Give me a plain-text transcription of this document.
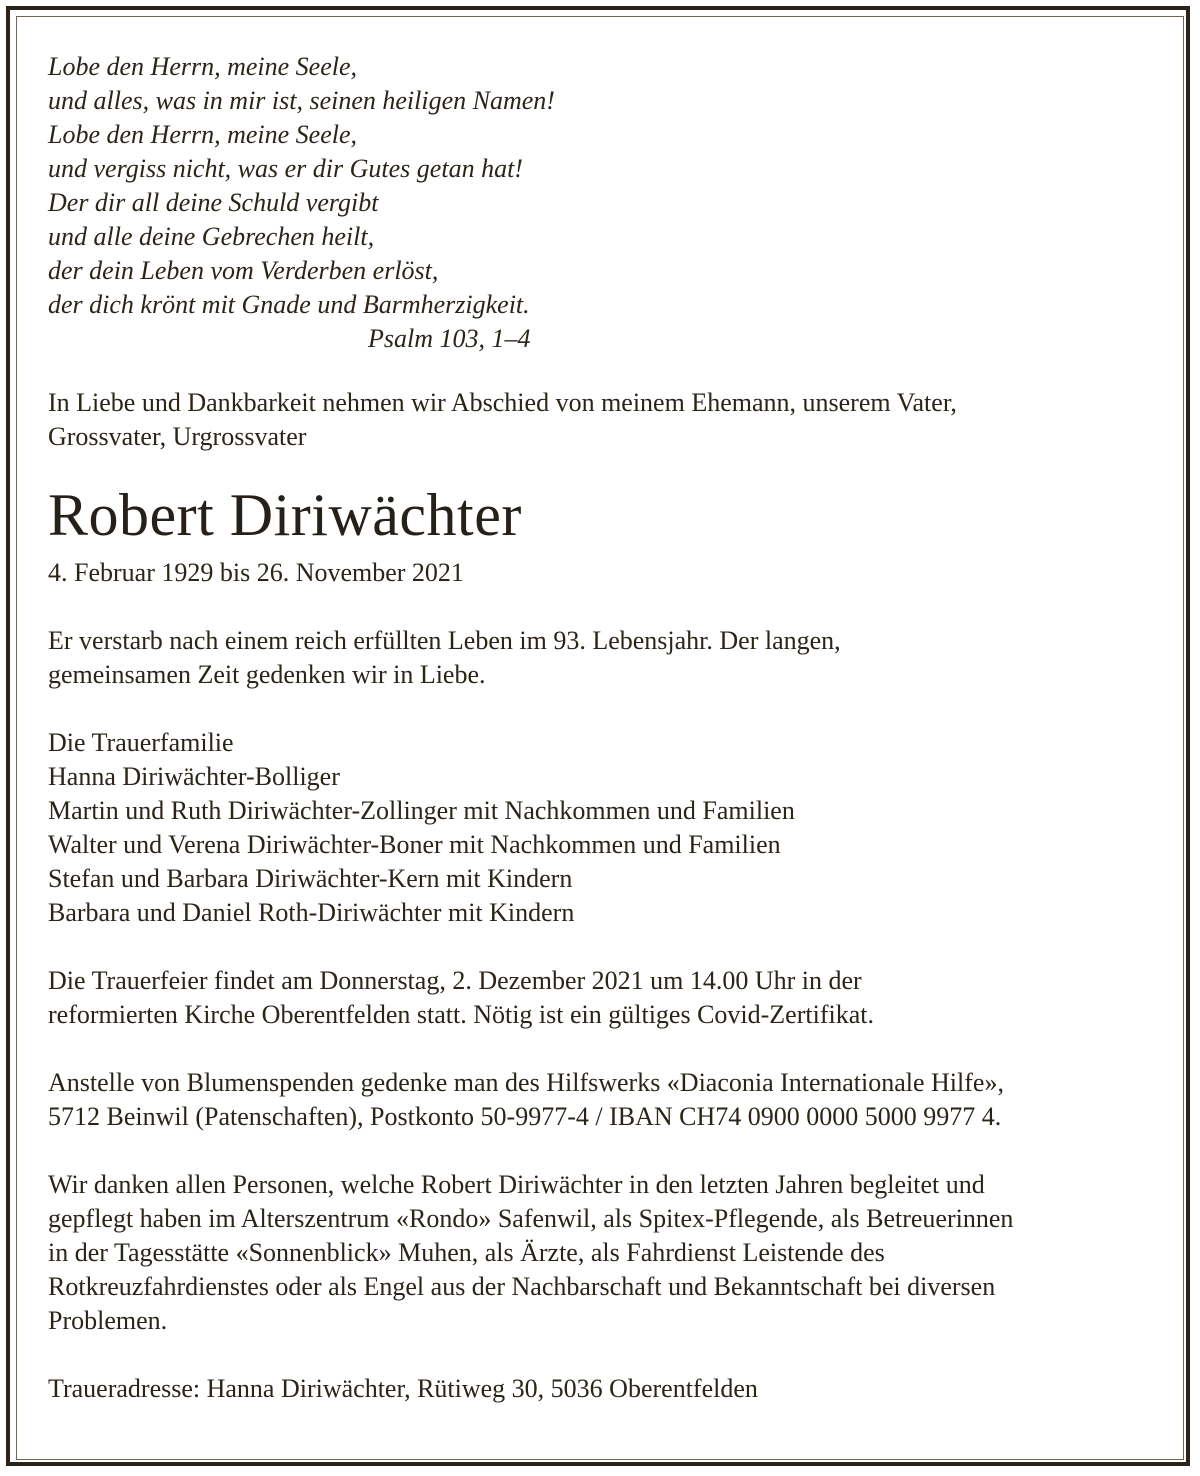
Lobe den Herrn, meine Seele,
und alles, was in mir ist, seinen heiligen Namen!
Lobe den Herrn, meine Seele,
und vergiss nicht, was er dir Gutes getan hat!
Der dir all deine Schuld vergibt
und alle deine Gebrechen heilt,
der dein Leben vom Verderben erlöst,
der dich krönt mit Gnade und Barmherzigkeit.
Psalm 103, 1–4

In Liebe und Dankbarkeit nehmen wir Abschied von meinem Ehemann, unserem Vater,
Grossvater, Urgrossvater

Robert Diriwächter

4. Februar 1929 bis 26. November 2021

Er verstarb nach einem reich erfüllten Leben im 93. Lebensjahr. Der langen,
gemeinsamen Zeit gedenken wir in Liebe.

Die Trauerfamilie
Hanna Diriwächter-Bolliger
Martin und Ruth Diriwächter-Zollinger mit Nachkommen und Familien
Walter und Verena Diriwächter-Boner mit Nachkommen und Familien
Stefan und Barbara Diriwächter-Kern mit Kindern
Barbara und Daniel Roth-Diriwächter mit Kindern

Die Trauerfeier findet am Donnerstag, 2. Dezember 2021 um 14.00 Uhr in der
reformierten Kirche Oberentfelden statt. Nötig ist ein gültiges Covid-Zertifikat.

Anstelle von Blumenspenden gedenke man des Hilfswerks «Diaconia Internationale Hilfe»,
5712 Beinwil (Patenschaften), Postkonto 50-9977-4 / IBAN CH74 0900 0000 5000 9977 4.

Wir danken allen Personen, welche Robert Diriwächter in den letzten Jahren begleitet und
gepflegt haben im Alterszentrum «Rondo» Safenwil, als Spitex-Pflegende, als Betreuerinnen
in der Tagesstätte «Sonnenblick» Muhen, als Ärzte, als Fahrdienst Leistende des
Rotkreuzfahrdienstes oder als Engel aus der Nachbarschaft und Bekanntschaft bei diversen
Problemen.

Traueradresse: Hanna Diriwächter, Rütiweg 30, 5036 Oberentfelden
